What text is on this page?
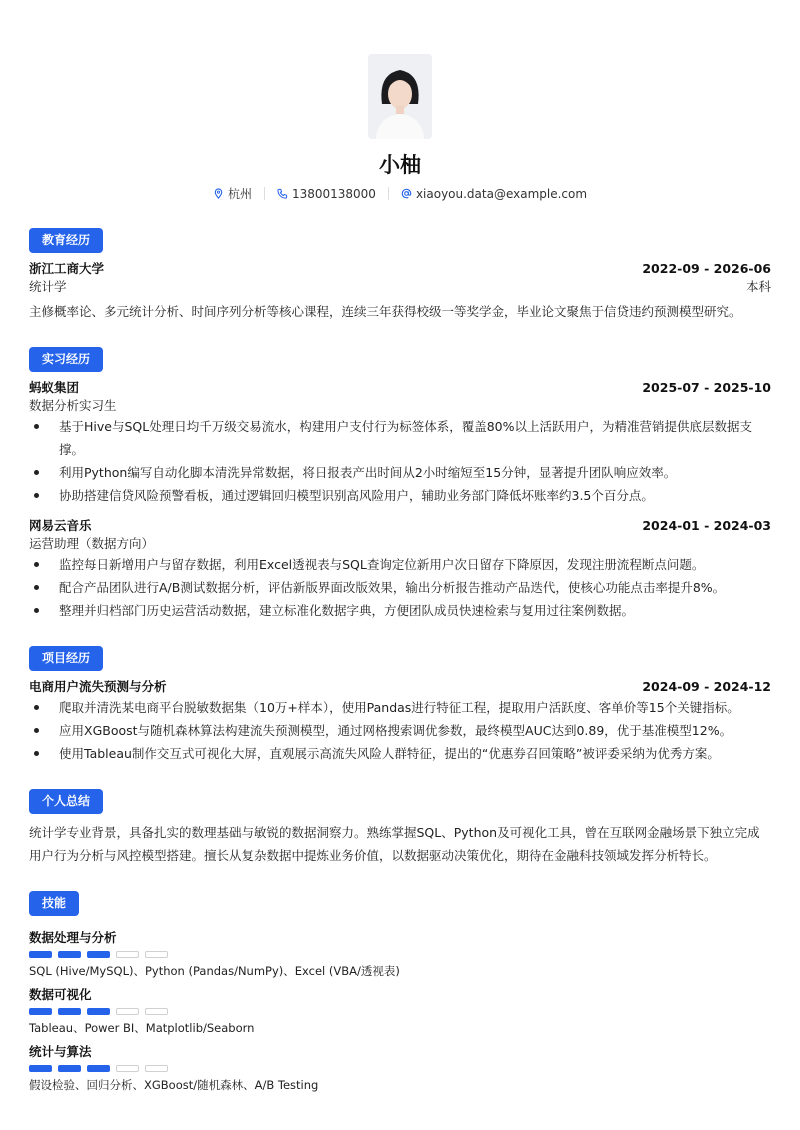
小柚
杭州	13800138000	xiaoyou.data@example.com
教育经历
浙江工商大学	2022-09 - 2026-06
统计学	本科
主修概率论、多元统计分析、时间序列分析等核心课程，连续三年获得校级一等奖学金，毕业论文聚焦于信贷违约预测模型研究。
实习经历
蚂蚁集团	2025-07 - 2025-10
数据分析实习生
基于Hive与SQL处理日均千万级交易流水，构建用户支付行为标签体系，覆盖80%以上活跃用户，为精准营销提供底层数据支撑。
利用Python编写自动化脚本清洗异常数据，将日报表产出时间从2小时缩短至15分钟，显著提升团队响应效率。
协助搭建信贷风险预警看板，通过逻辑回归模型识别高风险用户，辅助业务部门降低坏账率约3.5个百分点。
网易云音乐	2024-01 - 2024-03
运营助理（数据方向）
监控每日新增用户与留存数据，利用Excel透视表与SQL查询定位新用户次日留存下降原因，发现注册流程断点问题。
配合产品团队进行A/B测试数据分析，评估新版界面改版效果，输出分析报告推动产品迭代，使核心功能点击率提升8%。
整理并归档部门历史运营活动数据，建立标准化数据字典，方便团队成员快速检索与复用过往案例数据。
项目经历
电商用户流失预测与分析	2024-09 - 2024-12
爬取并清洗某电商平台脱敏数据集（10万+样本），使用Pandas进行特征工程，提取用户活跃度、客单价等15个关键指标。
应用XGBoost与随机森林算法构建流失预测模型，通过网格搜索调优参数，最终模型AUC达到0.89，优于基准模型12%。
使用Tableau制作交互式可视化大屏，直观展示高流失风险人群特征，提出的“优惠券召回策略”被评委采纳为优秀方案。
个人总结
统计学专业背景，具备扎实的数理基础与敏锐的数据洞察力。熟练掌握SQL、Python及可视化工具，曾在互联网金融场景下独立完成用户行为分析与风控模型搭建。擅长从复杂数据中提炼业务价值，以数据驱动决策优化，期待在金融科技领域发挥分析特长。
技能
数据处理与分析
SQL (Hive/MySQL)、Python (Pandas/NumPy)、Excel (VBA/透视表)
数据可视化
Tableau、Power BI、Matplotlib/Seaborn
统计与算法
假设检验、回归分析、XGBoost/随机森林、A/B Testing
